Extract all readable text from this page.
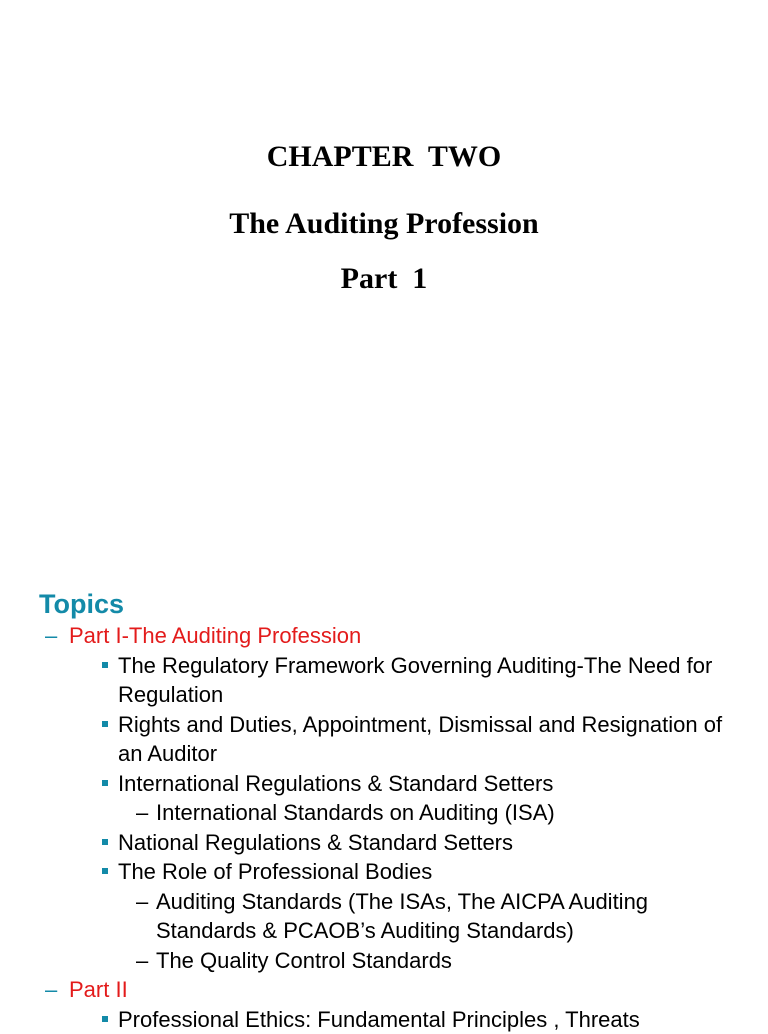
CHAPTER  TWO
The Auditing Profession
Part  1
Topics
– Part I-The Auditing Profession
The Regulatory Framework Governing Auditing-The Need for Regulation
Rights and Duties, Appointment, Dismissal and Resignation of an Auditor
International Regulations & Standard Setters
– International Standards on Auditing (ISA)
National Regulations & Standard Setters
The Role of Professional Bodies
– Auditing Standards (The ISAs, The AICPA Auditing Standards & PCAOB’s Auditing Standards)
– The Quality Control Standards
– Part II
Professional Ethics: Fundamental Principles , Threats
